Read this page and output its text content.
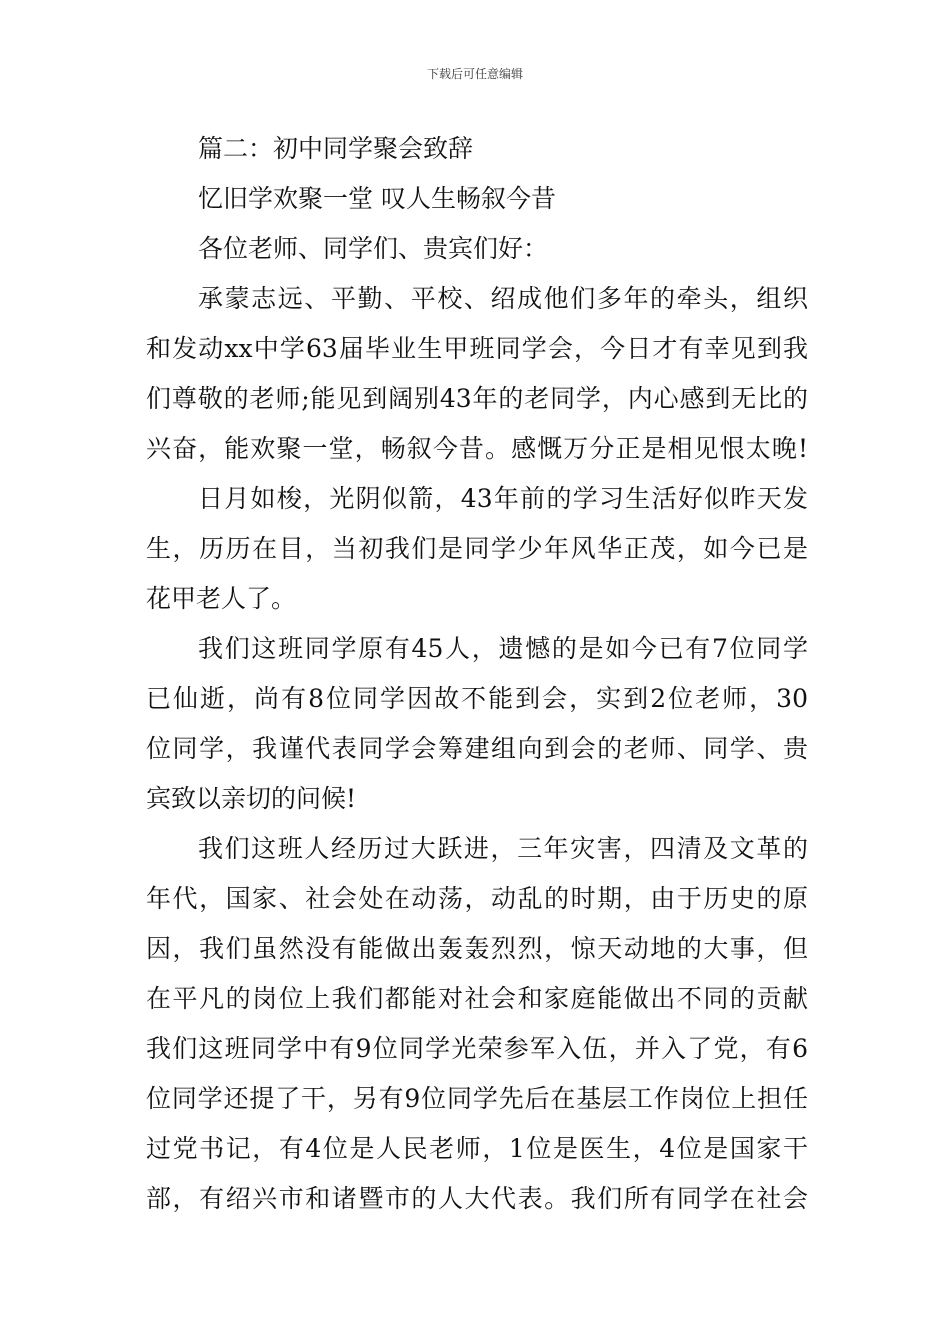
下载后可任意编辑
篇二：初中同学聚会致辞
忆旧学欢聚一堂 叹人生畅叙今昔
各位老师、同学们、贵宾们好：
承蒙志远、平勤、平校、绍成他们多年的牵头，组织
和发动xx中学63届毕业生甲班同学会，今日才有幸见到我
们尊敬的老师;能见到阔别43年的老同学，内心感到无比的
兴奋，能欢聚一堂，畅叙今昔。感慨万分正是相见恨太晚!
日月如梭，光阴似箭，43年前的学习生活好似昨天发
生，历历在目，当初我们是同学少年风华正茂，如今已是
花甲老人了。
我们这班同学原有45人，遗憾的是如今已有7位同学
已仙逝，尚有8位同学因故不能到会，实到2位老师，30
位同学，我谨代表同学会筹建组向到会的老师、同学、贵
宾致以亲切的问候!
我们这班人经历过大跃进，三年灾害，四清及文革的
年代，国家、社会处在动荡，动乱的时期，由于历史的原
因，我们虽然没有能做出轰轰烈烈，惊天动地的大事，但
在平凡的岗位上我们都能对社会和家庭能做出不同的贡献
我们这班同学中有9位同学光荣参军入伍，并入了党，有6
位同学还提了干，另有9位同学先后在基层工作岗位上担任
过党书记，有4位是人民老师，1位是医生，4位是国家干
部，有绍兴市和诸暨市的人大代表。我们所有同学在社会
